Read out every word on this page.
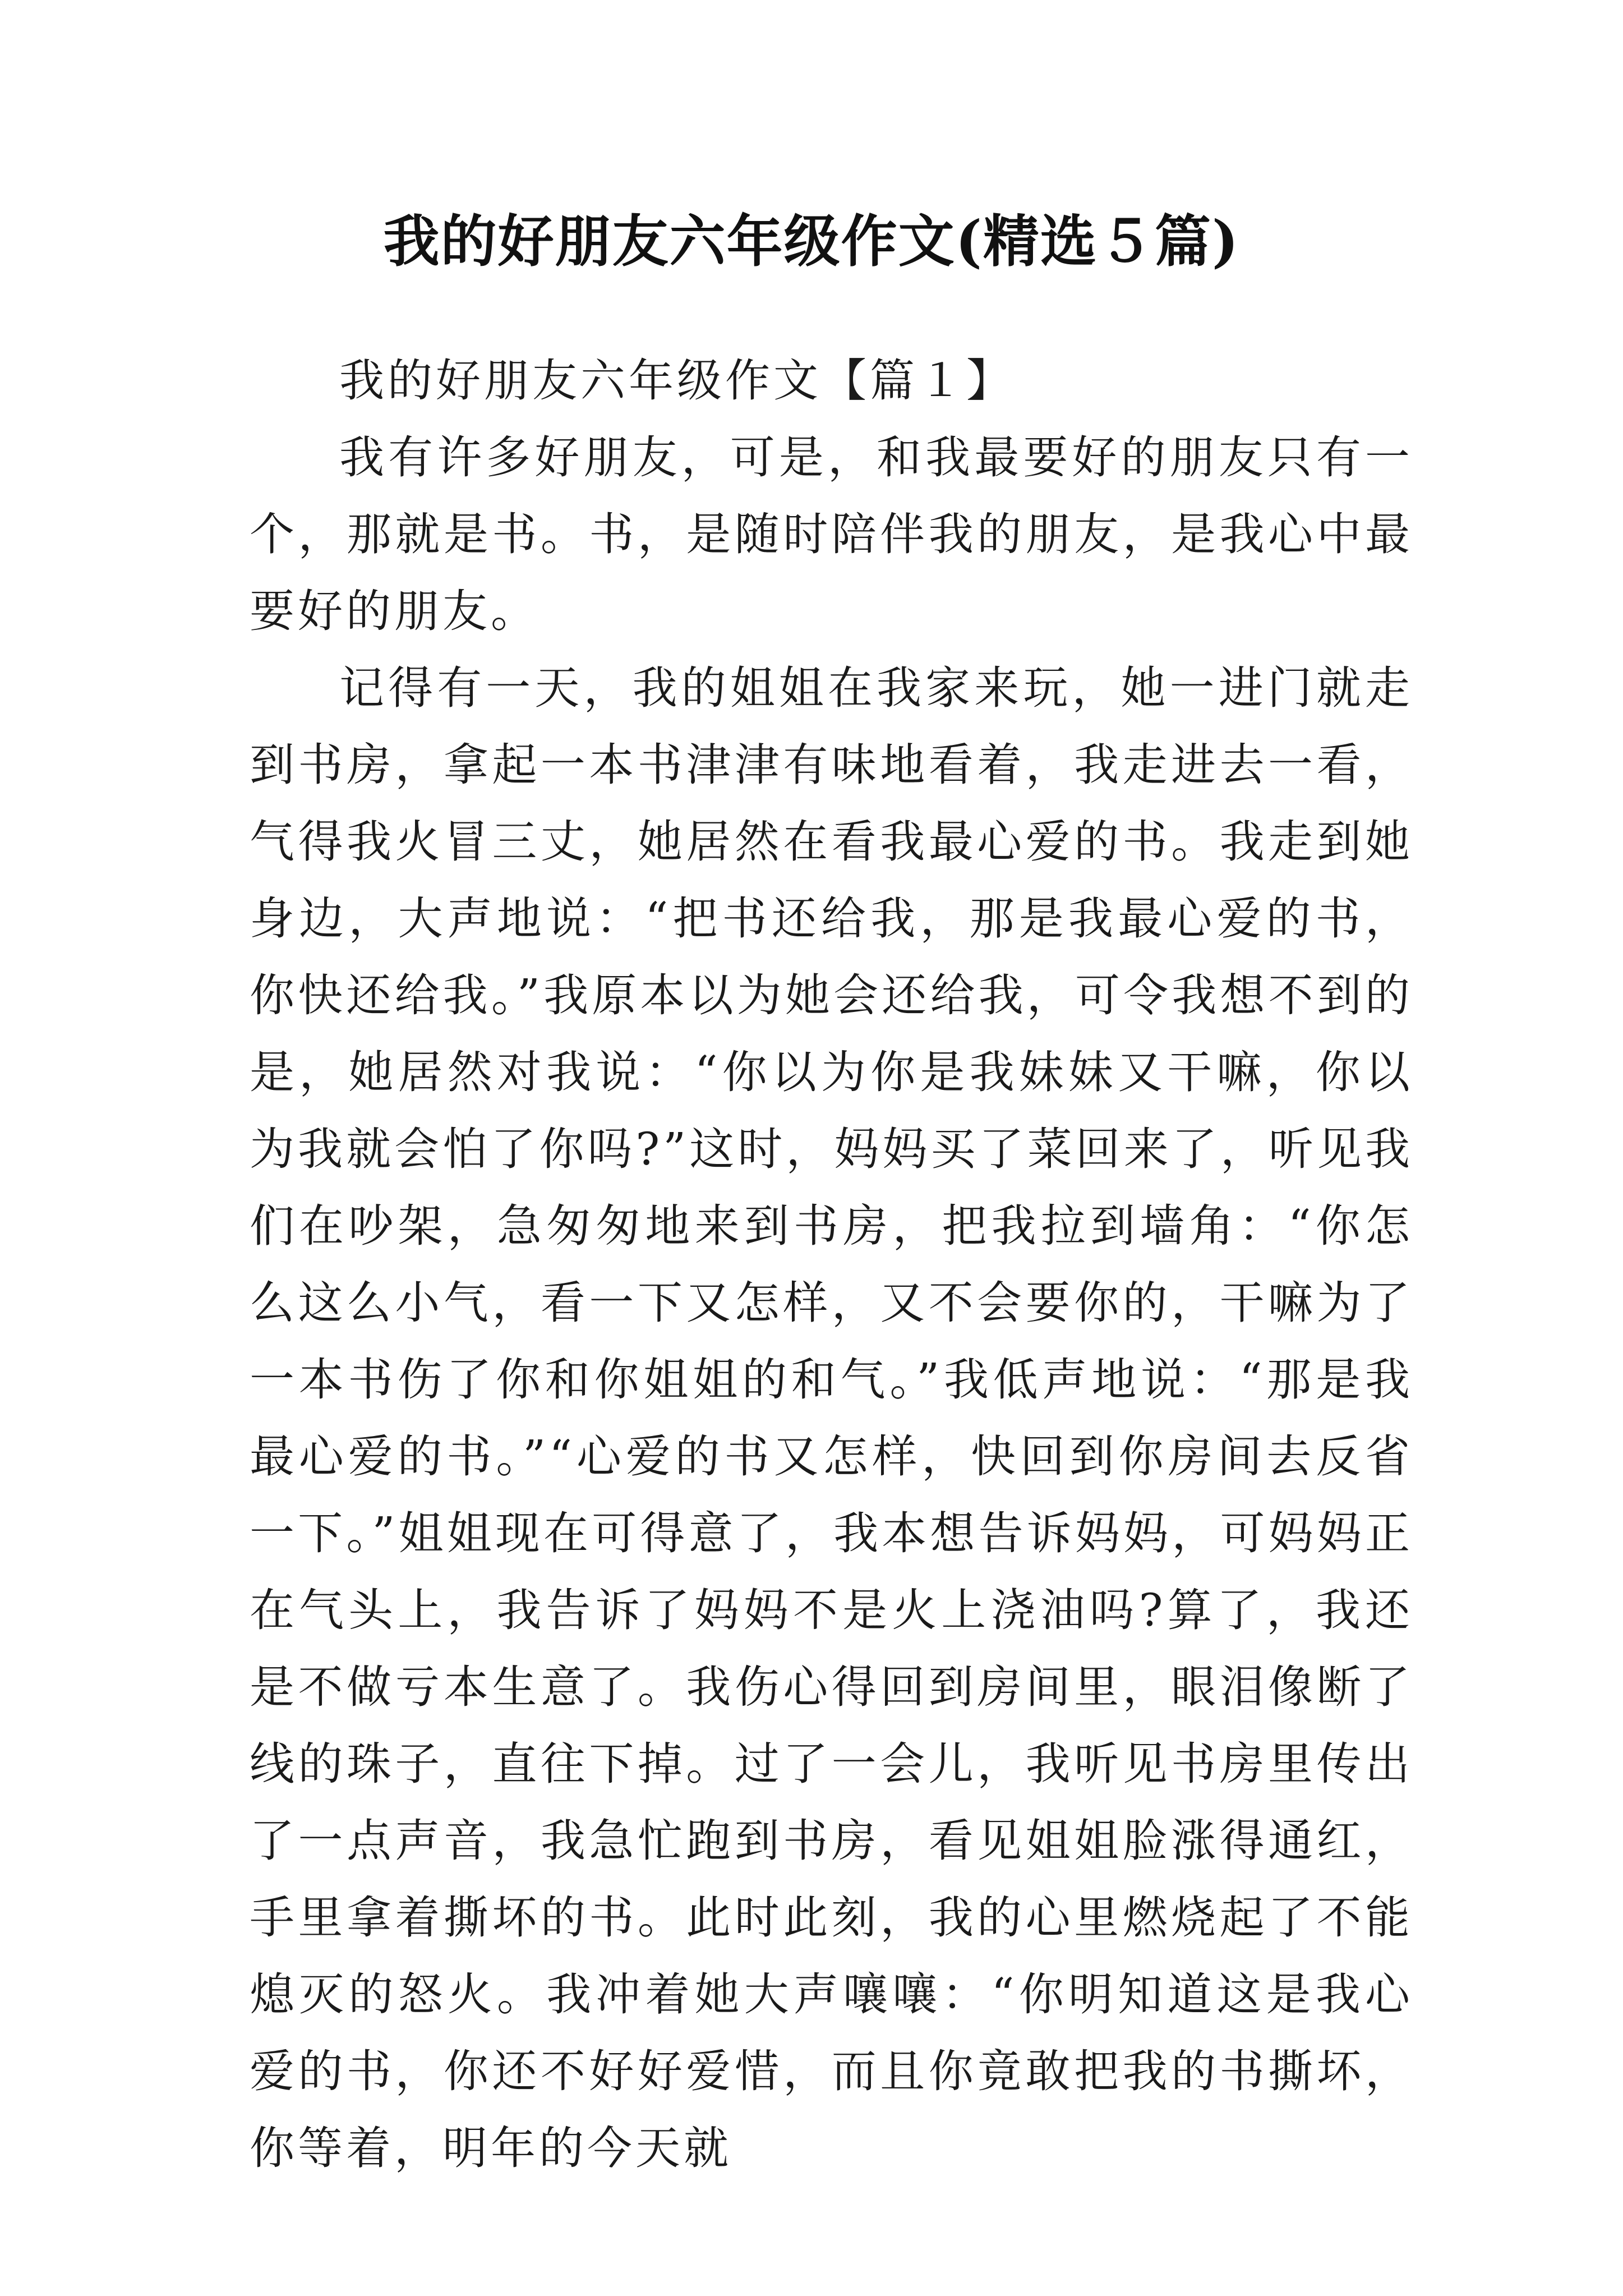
我的好朋友六年级作文(精选５篇)
我的好朋友六年级作文【篇１】

我有许多好朋友，可是，和我最要好的朋友只有一个，那就是书。书，是随时陪伴我的朋友，是我心中最要好的朋友。

记得有一天，我的姐姐在我家来玩，她一进门就走到书房，拿起一本书津津有味地看着，我走进去一看，气得我火冒三丈，她居然在看我最心爱的书。我走到她身边，大声地说：“把书还给我，那是我最心爱的书，你快还给我。”我原本以为她会还给我，可令我想不到的是，她居然对我说：“你以为你是我妹妹又干嘛，你以为我就会怕了你吗?”这时，妈妈买了菜回来了，听见我们在吵架，急匆匆地来到书房，把我拉到墙角：“你怎么这么小气，看一下又怎样，又不会要你的，干嘛为了一本书伤了你和你姐姐的和气。”我低声地说：“那是我最心爱的书。”“心爱的书又怎样，快回到你房间去反省一下。”姐姐现在可得意了，我本想告诉妈妈，可妈妈正在气头上，我告诉了妈妈不是火上浇油吗?算了，我还是不做亏本生意了。我伤心得回到房间里，眼泪像断了线的珠子，直往下掉。过了一会儿，我听见书房里传出了一点声音，我急忙跑到书房，看见姐姐脸涨得通红，手里拿着撕坏的书。此时此刻，我的心里燃烧起了不能熄灭的怒火。我冲着她大声嚷嚷：“你明知道这是我心爱的书，你还不好好爱惜，而且你竟敢把我的书撕坏，你等着，明年的今天就
